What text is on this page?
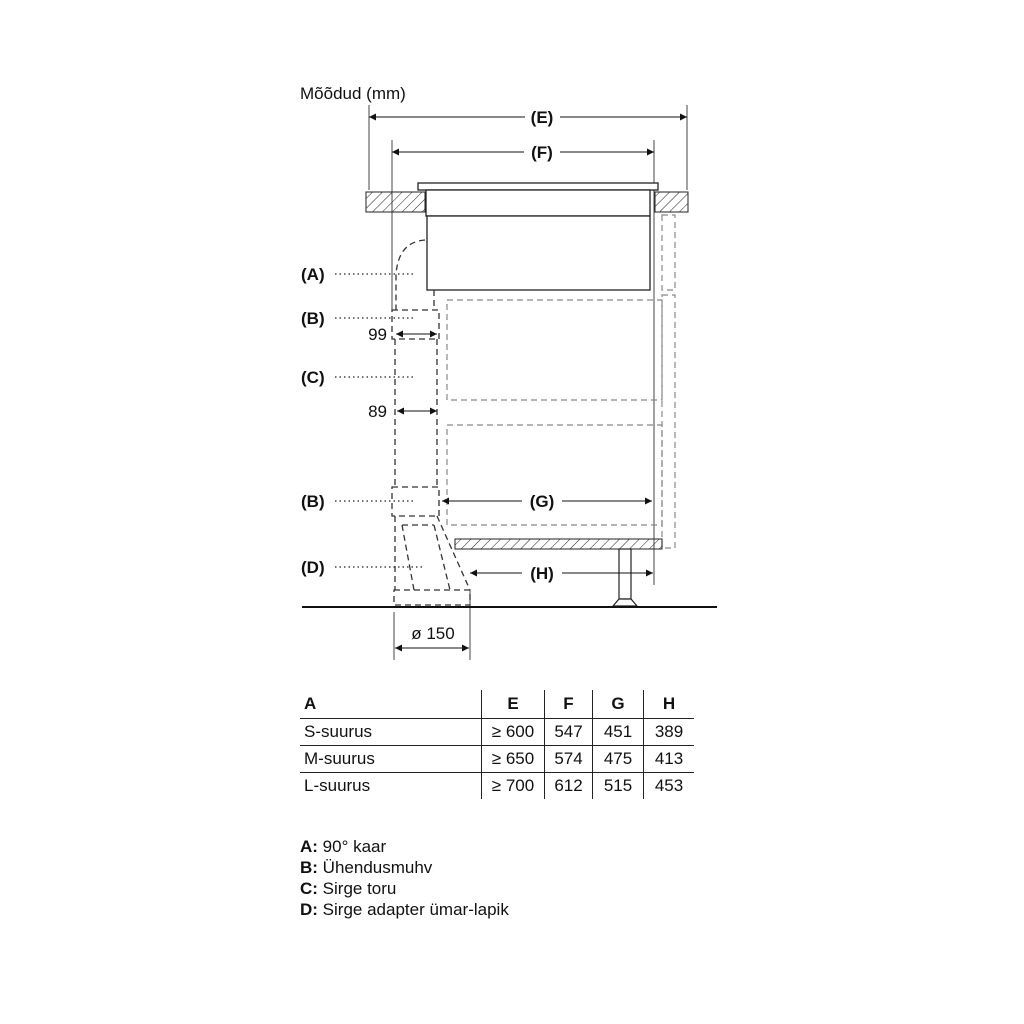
Mõõdud (mm)
(E)
(F)
(G)
(H)
99
89
ø 150
(A)
(B)
(C)
(B)
(D)
A	E	F	G	H
S-suurus	≥ 600	547	451	389
M-suurus	≥ 650	574	475	413
L-suurus	≥ 700	612	515	453
A: 90° kaar
B: Ühendusmuhv
C: Sirge toru
D: Sirge adapter ümar-lapik
